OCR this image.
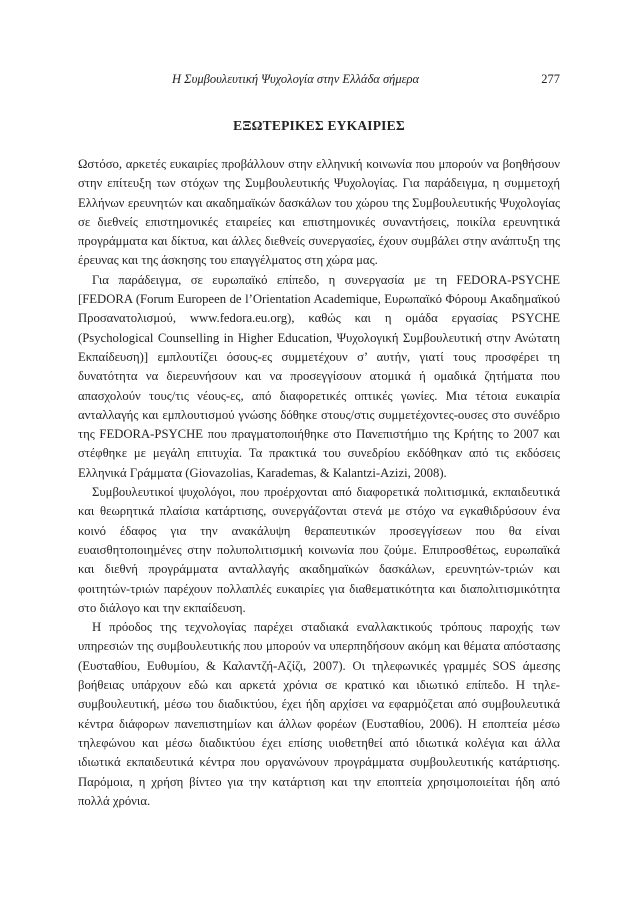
Η Συμβουλευτική Ψυχολογία στην Ελλάδα σήμερα	277
ΕΞΩΤΕΡΙΚΕΣ ΕΥΚΑΙΡΙΕΣ

Ωστόσο, αρκετές ευκαιρίες προβάλλουν στην ελληνική κοινωνία που μπορούν να βοηθήσουν στην επίτευξη των στόχων της Συμβουλευτικής Ψυχολογίας. Για παράδειγμα, η συμμετοχή Ελλήνων ερευνητών και ακαδημαϊκών δασκάλων του χώρου της Συμβουλευτικής Ψυχολογίας σε διεθνείς επιστημονικές εταιρείες και επιστημονικές συναντήσεις, ποικίλα ερευνητικά προγράμματα και δίκτυα, και άλλες διεθνείς συνεργασίες, έχουν συμβάλει στην ανάπτυξη της έρευνας και της άσκησης του επαγγέλματος στη χώρα μας.

Για παράδειγμα, σε ευρωπαϊκό επίπεδο, η συνεργασία με τη FEDORA-PSYCHE [FEDORA (Forum Europeen de l’Orientation Academique, Ευρωπαϊκό Φόρουμ Ακαδημαϊκού Προσανατολισμού, www.fedora.eu.org), καθώς και η ομάδα εργασίας PSYCHE (Psychological Counselling in Higher Education, Ψυχολογική Συμβουλευτική στην Ανώτατη Εκπαίδευση)] εμπλουτίζει όσους-ες συμμετέχουν σ’ αυτήν, γιατί τους προσφέρει τη δυνατότητα να διερευνήσουν και να προσεγγίσουν ατομικά ή ομαδικά ζητήματα που απασχολούν τους/τις νέους-ες, από διαφορετικές οπτικές γωνίες. Μια τέτοια ευκαιρία ανταλλαγής και εμπλουτισμού γνώσης δόθηκε στους/στις συμμετέχοντες-ουσες στο συνέδριο της FEDORA-PSYCHE που πραγματοποιήθηκε στο Πανεπιστήμιο της Κρήτης το 2007 και στέφθηκε με μεγάλη επιτυχία. Τα πρακτικά του συνεδρίου εκδόθηκαν από τις εκδόσεις Ελληνικά Γράμματα (Giovazolias, Karademas, & Kalantzi-Azizi, 2008).

Συμβουλευτικοί ψυχολόγοι, που προέρχονται από διαφορετικά πολιτισμικά, εκπαιδευτικά και θεωρητικά πλαίσια κατάρτισης, συνεργάζονται στενά με στόχο να εγκαθιδρύσουν ένα κοινό έδαφος για την ανακάλυψη θεραπευτικών προσεγγίσεων που θα είναι ευαισθητοποιημένες στην πολυπολιτισμική κοινωνία που ζούμε. Επιπροσθέτως, ευρωπαϊκά και διεθνή προγράμματα ανταλλαγής ακαδημαϊκών δασκάλων, ερευνητών-τριών και φοιτητών-τριών παρέχουν πολλαπλές ευκαιρίες για διαθεματικότητα και διαπολιτισμικότητα στο διάλογο και την εκπαίδευση.

Η πρόοδος της τεχνολογίας παρέχει σταδιακά εναλλακτικούς τρόπους παροχής των υπηρεσιών της συμβουλευτικής που μπορούν να υπερπηδήσουν ακόμη και θέματα απόστασης (Ευσταθίου, Ευθυμίου, & Καλαντζή-Αζίζι, 2007). Οι τηλεφωνικές γραμμές SOS άμεσης βοήθειας υπάρχουν εδώ και αρκετά χρόνια σε κρατικό και ιδιωτικό επίπεδο. Η τηλε-συμβουλευτική, μέσω του διαδικτύου, έχει ήδη αρχίσει να εφαρμόζεται από συμβουλευτικά κέντρα διάφορων πανεπιστημίων και άλλων φορέων (Ευσταθίου, 2006). Η εποπτεία μέσω τηλεφώνου και μέσω διαδικτύου έχει επίσης υιοθετηθεί από ιδιωτικά κολέγια και άλλα ιδιωτικά εκπαιδευτικά κέντρα που οργανώνουν προγράμματα συμβουλευτικής κατάρτισης. Παρόμοια, η χρήση βίντεο για την κατάρτιση και την εποπτεία χρησιμοποιείται ήδη από πολλά χρόνια.
